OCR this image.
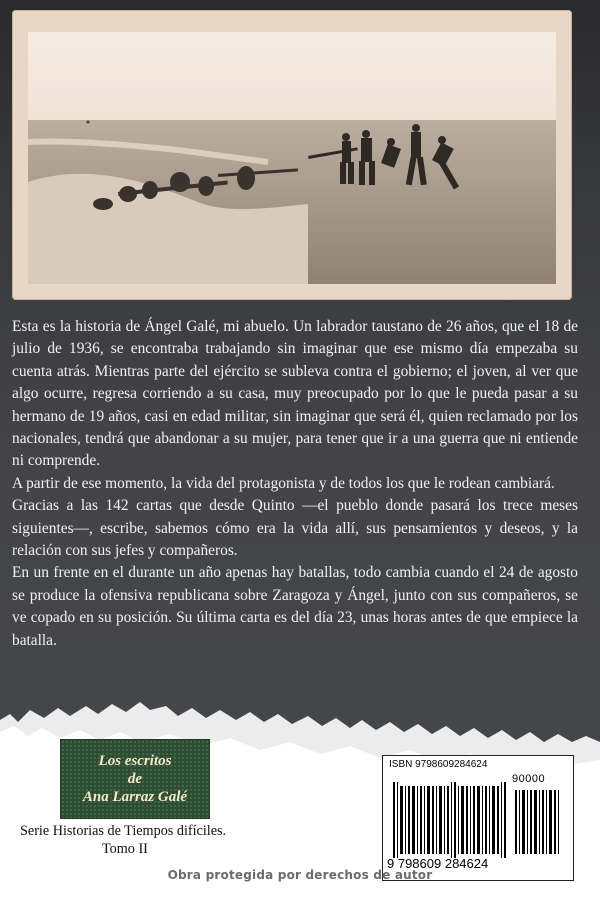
Esta es la historia de Ángel Galé, mi abuelo. Un labrador taustano de 26 años, que el 18 de julio de 1936, se encontraba trabajando sin imaginar que ese mismo día empezaba su cuenta atrás. Mientras parte del ejército se subleva contra el gobierno; el joven, al ver que algo ocurre, regresa corriendo a su casa, muy preocupado por lo que le pueda pasar a su hermano de 19 años, casi en edad militar, sin imaginar que será él, quien reclamado por los nacionales, tendrá que abandonar a su mujer, para tener que ir a una guerra que ni entiende ni comprende.

A partir de ese momento, la vida del protagonista y de todos los que le rodean cambiará.

Gracias a las 142 cartas que desde Quinto —el pueblo donde pasará los trece meses siguientes—, escribe, sabemos cómo era la vida allí, sus pensamientos y deseos, y la relación con sus jefes y compañeros.

En un frente en el durante un año apenas hay batallas, todo cambia cuando el 24 de agosto se produce la ofensiva republicana sobre Zaragoza y Ángel, junto con sus compañeros, se ve copado en su posición. Su última carta es del día 23, unas horas antes de que empiece la batalla.

Los escritos
de
Ana Larraz Galé
Serie Historias de Tiempos difíciles.

Tomo II
ISBN 9798609284624
90000
9 798609 284624
Obra protegida por derechos de autor
